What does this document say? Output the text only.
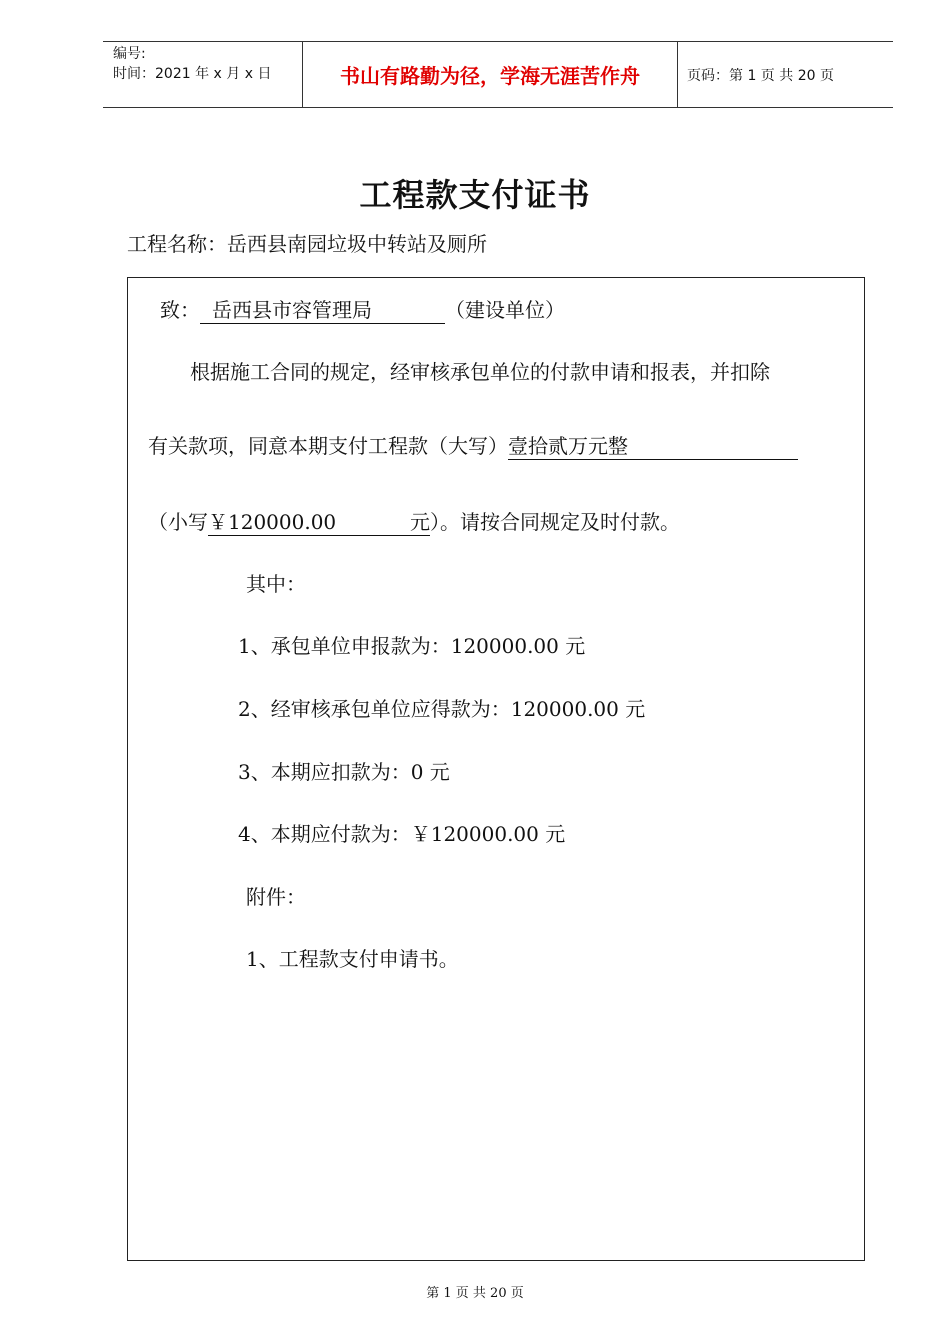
编号:
时间：2021 年 x 月 x 日	书山有路勤为径，学海无涯苦作舟	页码：第 1 页 共 20 页
工程款支付证书
工程名称：岳西县南园垃圾中转站及厕所
致： 岳西县市容管理局	（建设单位）
根据施工合同的规定，经审核承包单位的付款申请和报表，并扣除
有关款项，同意本期支付工程款（大写）壹拾贰万元整
（小写￥120000.00	元 ）。请按合同规定及时付款。
其中：
1、承包单位申报款为：120000.00 元
2、经审核承包单位应得款为：120000.00 元
3、本期应扣款为：0 元
4、本期应付款为：￥120000.00 元
附件：
1、工程款支付申请书。
第 1 页 共 20 页
